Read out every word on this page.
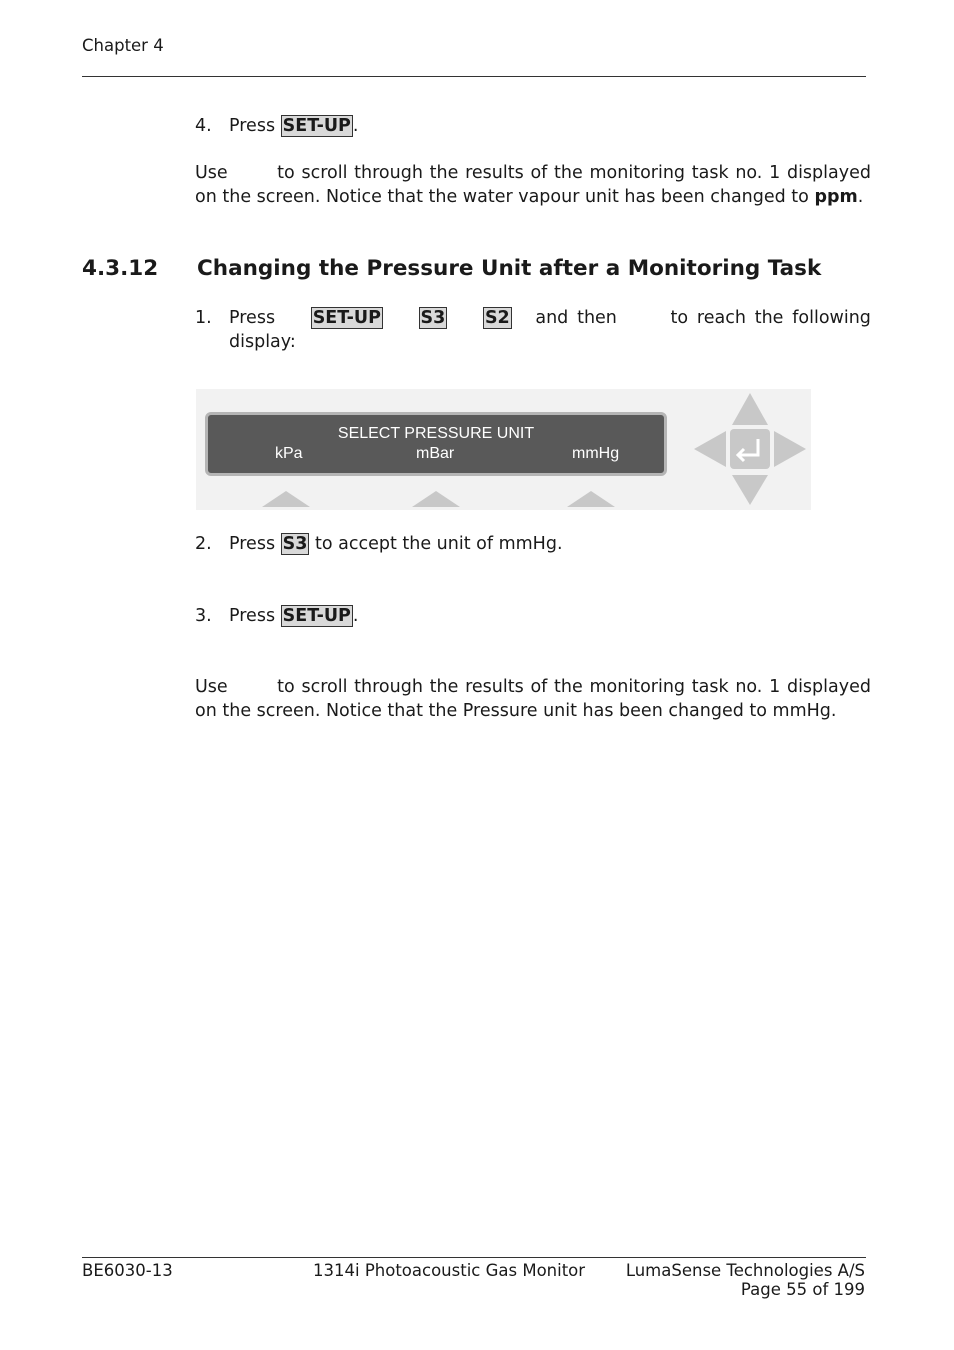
Chapter 4
4. Press SET-UP .
Use	to scroll through the results of the monitoring task no. 1 displayed on the screen. Notice that the water vapour unit has been changed to ppm.
4.3.12 Changing the Pressure Unit after a Monitoring Task
1. Press SET-UP S3 S2 and then	to reach the following display:
SELECT PRESSURE UNIT
kPa	mBar	mmHg
2. Press S3 to accept the unit of mmHg.
3. Press SET-UP .
Use	to scroll through the results of the monitoring task no. 1 displayed on the screen. Notice that the Pressure unit has been changed to mmHg.
BE6030-13	1314i Photoacoustic Gas Monitor LumaSense Technologies A/S
Page 55 of 199
